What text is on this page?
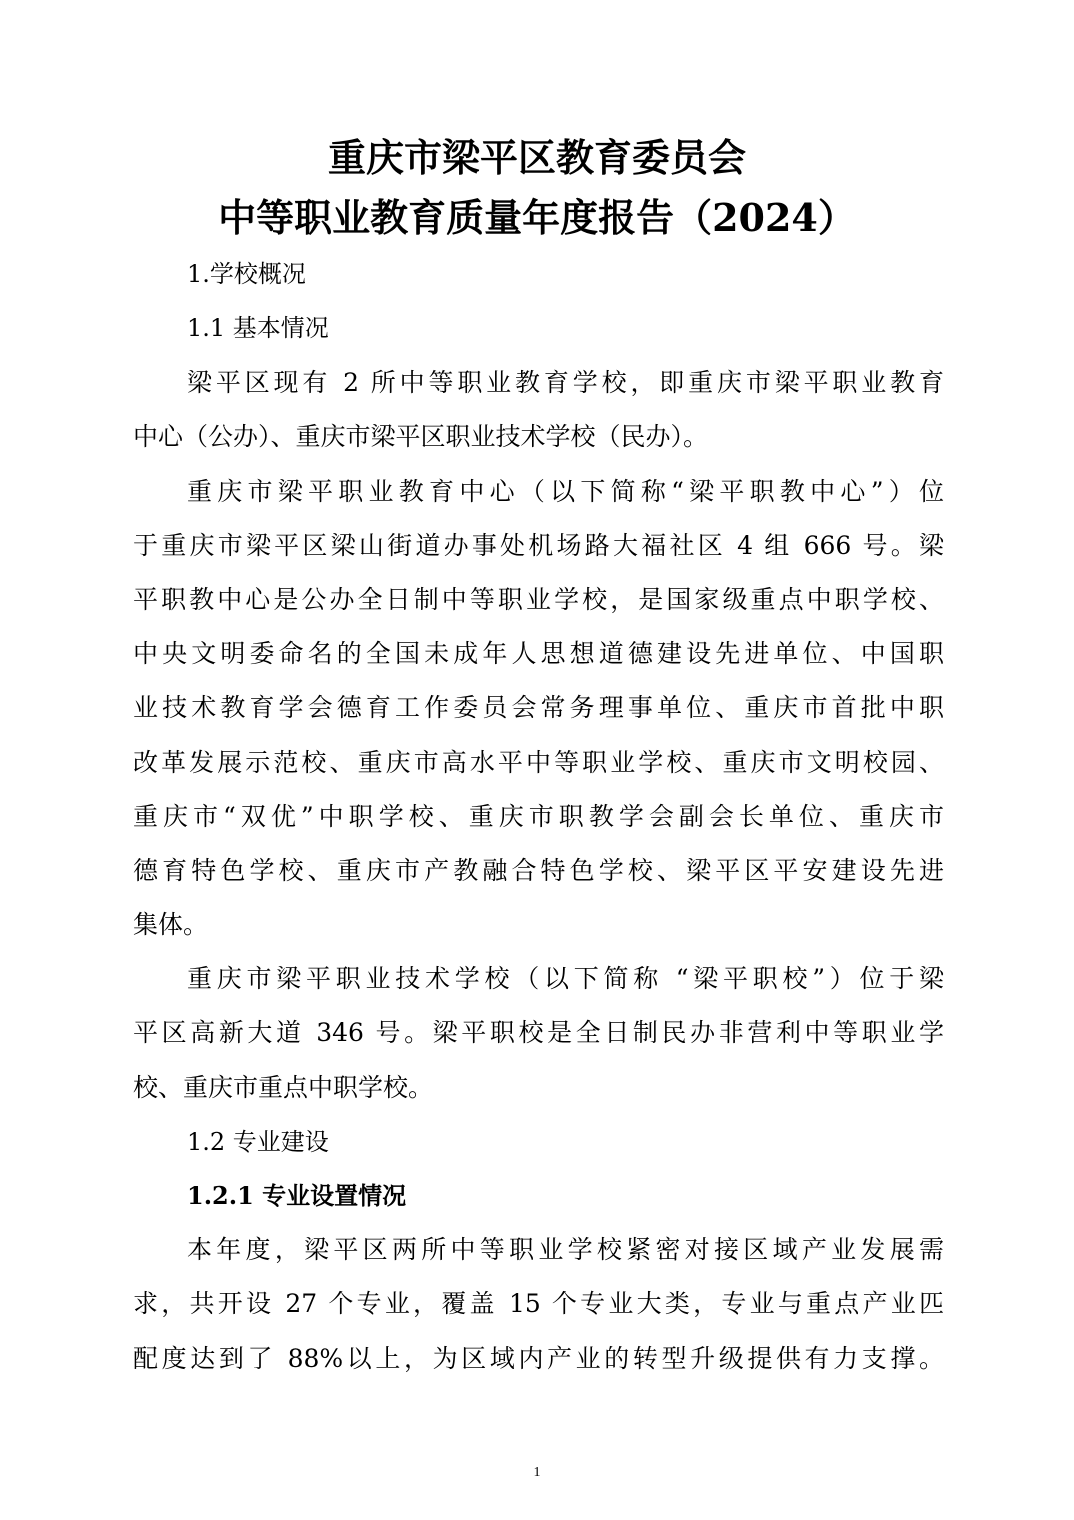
重庆市梁平区教育委员会
中等职业教育质量年度报告（2024）
1.学校概况
1.1 基本情况
梁平区现有 2 所中等职业教育学校，即重庆市梁平职业教育
中心（公办）、重庆市梁平区职业技术学校（民办）。
重庆市梁平职业教育中心（以下简称“梁平职教中心”）位
于重庆市梁平区梁山街道办事处机场路大福社区 4 组 666 号。梁
平职教中心是公办全日制中等职业学校，是国家级重点中职学校、
中央文明委命名的全国未成年人思想道德建设先进单位、中国职
业技术教育学会德育工作委员会常务理事单位、重庆市首批中职
改革发展示范校、重庆市高水平中等职业学校、重庆市文明校园、
重庆市“双优”中职学校、重庆市职教学会副会长单位、重庆市
德育特色学校、重庆市产教融合特色学校、梁平区平安建设先进
集体。
重庆市梁平职业技术学校（以下简称 “梁平职校”）位于梁
平区高新大道 346 号。梁平职校是全日制民办非营利中等职业学
校、重庆市重点中职学校。
1.2 专业建设
1.2.1 专业设置情况
本年度，梁平区两所中等职业学校紧密对接区域产业发展需
求，共开设 27 个专业，覆盖 15 个专业大类，专业与重点产业匹
配度达到了 88%以上，为区域内产业的转型升级提供有力支撑。
1
